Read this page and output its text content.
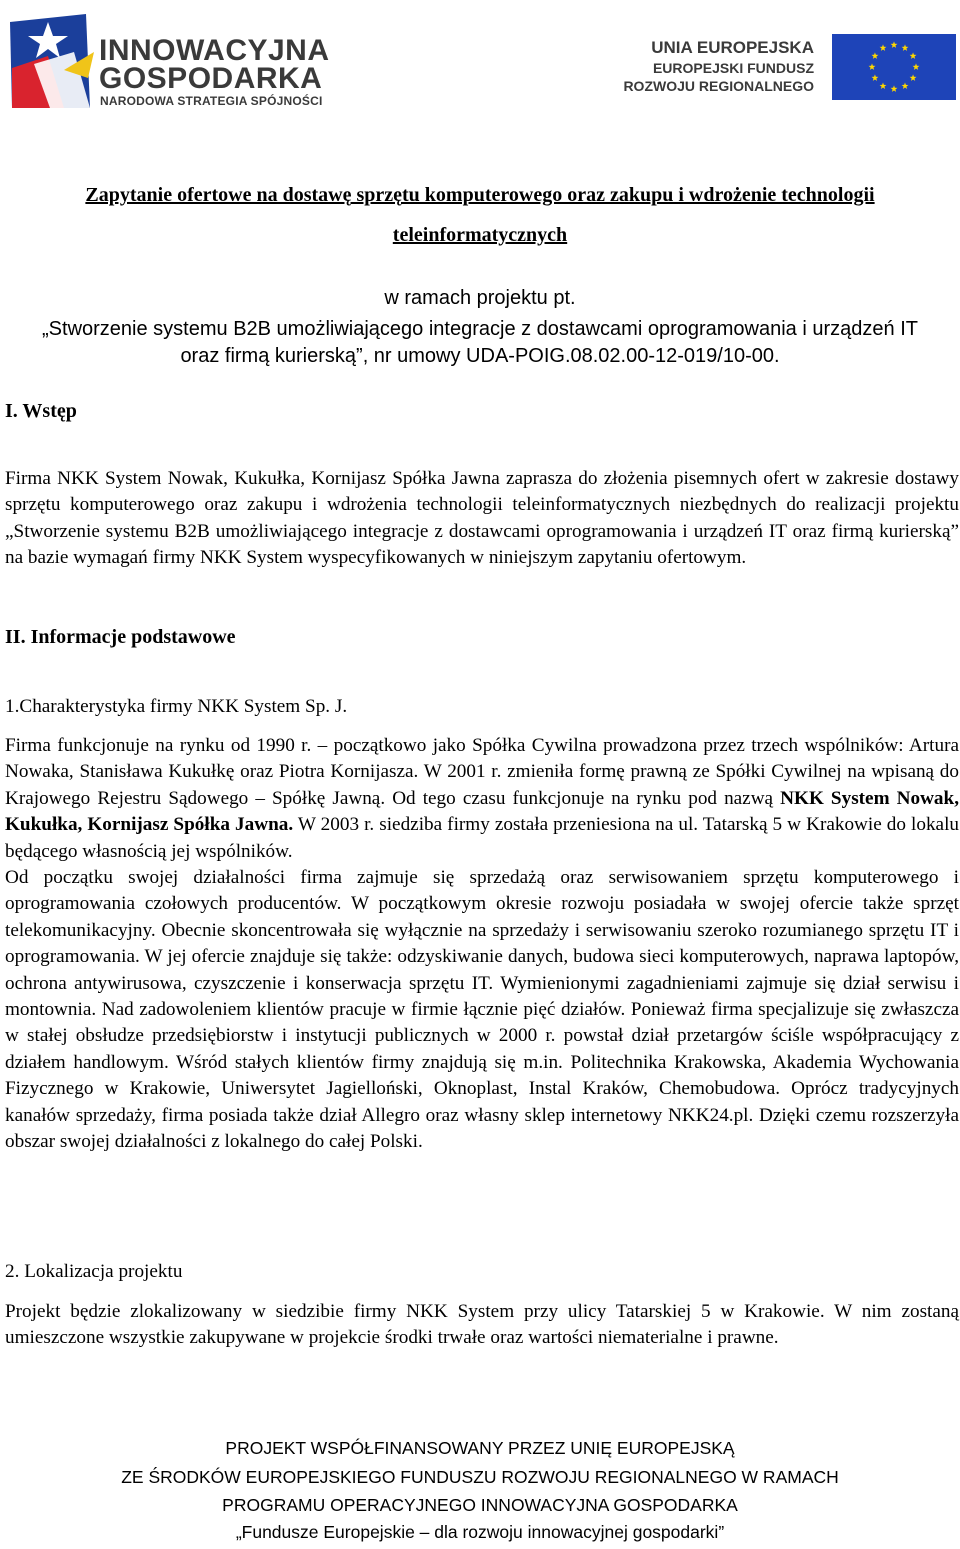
INNOWACYJNA
GOSPODARKA
NARODOWA STRATEGIA SPÓJNOŚCI
UNIA EUROPEJSKA
EUROPEJSKI FUNDUSZ
ROZWOJU REGIONALNEGO
Zapytanie ofertowe na dostawę sprzętu komputerowego oraz zakupu i wdrożenie technologii
teleinformatycznych
w ramach projektu pt.
„Stworzenie systemu B2B umożliwiającego integracje z dostawcami oprogramowania i urządzeń IT
oraz firmą kurierską”, nr umowy UDA-POIG.08.02.00-12-019/10-00.
I. Wstęp
Firma NKK System Nowak, Kukułka, Kornijasz Spółka Jawna zaprasza do złożenia pisemnych ofert w zakresie dostawy sprzętu komputerowego oraz zakupu i wdrożenia technologii teleinformatycznych niezbędnych do realizacji projektu „Stworzenie systemu B2B umożliwiającego integracje z dostawcami oprogramowania i urządzeń IT oraz firmą kurierską” na bazie wymagań firmy NKK System wyspecyfikowanych w niniejszym zapytaniu ofertowym.
II. Informacje podstawowe
1.Charakterystyka firmy NKK System Sp. J.
Firma funkcjonuje na rynku od 1990 r. – początkowo jako Spółka Cywilna prowadzona przez trzech wspólników: Artura Nowaka, Stanisława Kukułkę oraz Piotra Kornijasza. W 2001 r. zmieniła formę prawną ze Spółki Cywilnej na wpisaną do Krajowego Rejestru Sądowego – Spółkę Jawną. Od tego czasu funkcjonuje na rynku pod nazwą NKK System Nowak, Kukułka, Kornijasz Spółka Jawna. W 2003 r. siedziba firmy została przeniesiona na ul. Tatarską 5 w Krakowie do lokalu będącego własnością jej wspólników.
Od początku swojej działalności firma zajmuje się sprzedażą oraz serwisowaniem sprzętu komputerowego i oprogramowania czołowych producentów. W początkowym okresie rozwoju posiadała w swojej ofercie także sprzęt telekomunikacyjny. Obecnie skoncentrowała się wyłącznie na sprzedaży i serwisowaniu szeroko rozumianego sprzętu IT i oprogramowania. W jej ofercie znajduje się także: odzyskiwanie danych, budowa sieci komputerowych, naprawa laptopów, ochrona antywirusowa, czyszczenie i konserwacja sprzętu IT. Wymienionymi zagadnieniami zajmuje się dział serwisu i montownia. Nad zadowoleniem klientów pracuje w firmie łącznie pięć działów. Ponieważ firma specjalizuje się zwłaszcza w stałej obsłudze przedsiębiorstw i instytucji publicznych w 2000 r. powstał dział przetargów ściśle współpracujący z działem handlowym. Wśród stałych klientów firmy znajdują się m.in. Politechnika Krakowska, Akademia Wychowania Fizycznego w Krakowie, Uniwersytet Jagielloński, Oknoplast, Instal Kraków, Chemobudowa. Oprócz tradycyjnych kanałów sprzedaży, firma posiada także dział Allegro oraz własny sklep internetowy NKK24.pl. Dzięki czemu rozszerzyła obszar swojej działalności z lokalnego do całej Polski.
2. Lokalizacja projektu
Projekt będzie zlokalizowany w siedzibie firmy NKK System przy ulicy Tatarskiej 5 w Krakowie. W nim zostaną umieszczone wszystkie zakupywane w projekcie środki trwałe oraz wartości niematerialne i prawne.
PROJEKT WSPÓŁFINANSOWANY PRZEZ UNIĘ EUROPEJSKĄ
ZE ŚRODKÓW EUROPEJSKIEGO FUNDUSZU ROZWOJU REGIONALNEGO W RAMACH
PROGRAMU OPERACYJNEGO INNOWACYJNA GOSPODARKA
„Fundusze Europejskie – dla rozwoju innowacyjnej gospodarki”
